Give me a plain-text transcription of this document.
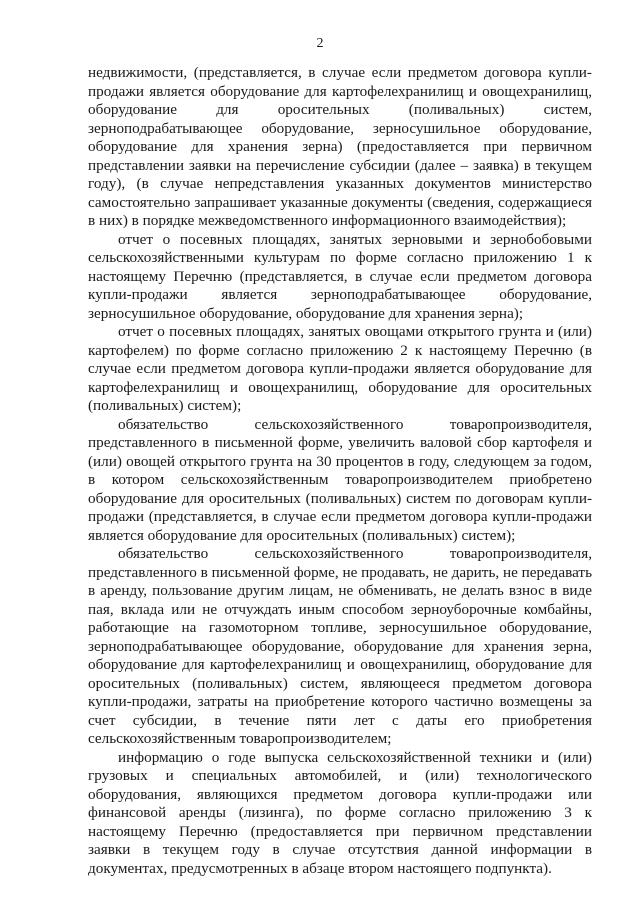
2

недвижимости, (представляется, в случае если предметом договора купли-продажи является оборудование для картофелехранилищ и овощехранилищ, оборудование для оросительных (поливальных) систем, зерноподрабатывающее оборудование, зерносушильное оборудование, оборудование для хранения зерна) (предоставляется при первичном представлении заявки на перечисление субсидии (далее – заявка) в текущем году), (в случае непредставления указанных документов министерство самостоятельно запрашивает указанные документы (сведения, содержащиеся в них) в порядке межведомственного информационного взаимодействия);

отчет о посевных площадях, занятых зерновыми и зернобобовыми сельскохозяйственными культурам по форме согласно приложению 1 к настоящему Перечню (представляется, в случае если предметом договора купли-продажи является зерноподрабатывающее оборудование, зерносушильное оборудование, оборудование для хранения зерна);

отчет о посевных площадях, занятых овощами открытого грунта и (или) картофелем) по форме согласно приложению 2 к настоящему Перечню (в случае если предметом договора купли-продажи является оборудование для картофелехранилищ и овощехранилищ, оборудование для оросительных (поливальных) систем);

обязательство сельскохозяйственного товаропроизводителя, представленного в письменной форме, увеличить валовой сбор картофеля и (или) овощей открытого грунта на 30 процентов в году, следующем за годом, в котором сельскохозяйственным товаропроизводителем приобретено оборудование для оросительных (поливальных) систем по договорам купли-продажи (представляется, в случае если предметом договора купли-продажи является оборудование для оросительных (поливальных) систем);

обязательство сельскохозяйственного товаропроизводителя, представленного в письменной форме, не продавать, не дарить, не передавать в аренду, пользование другим лицам, не обменивать, не делать взнос в виде пая, вклада или не отчуждать иным способом зерноуборочные комбайны, работающие на газомоторном топливе, зерносушильное оборудование, зерноподрабатывающее оборудование, оборудование для хранения зерна, оборудование для картофелехранилищ и овощехранилищ, оборудование для оросительных (поливальных) систем, являющееся предметом договора купли-продажи, затраты на приобретение которого частично возмещены за счет субсидии, в течение пяти лет с даты его приобретения сельскохозяйственным товаропроизводителем;

информацию о годе выпуска сельскохозяйственной техники и (или) грузовых и специальных автомобилей, и (или) технологического оборудования, являющихся предметом договора купли-продажи или финансовой аренды (лизинга), по форме согласно приложению 3 к настоящему Перечню (предоставляется при первичном представлении заявки в текущем году в случае отсутствия данной информации в документах, предусмотренных в абзаце втором настоящего подпункта).
